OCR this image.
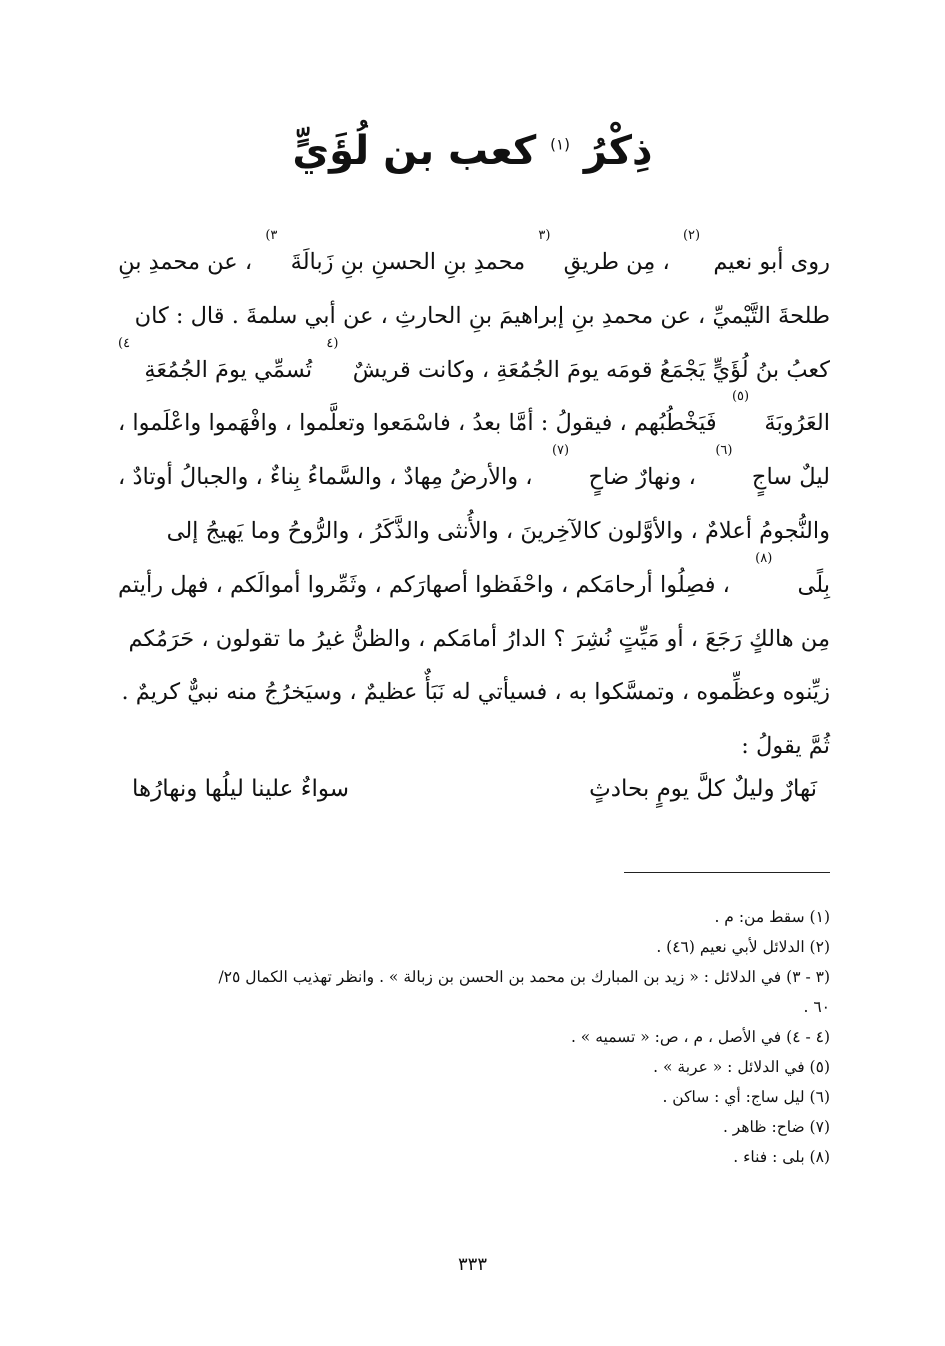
ذِكْرُ $^{(١)}$ كعب بن لُؤَيٍّ
روى أبو نعيم
(٢)
، مِن طريقِ
(٣
محمدِ بنِ الحسنِ بنِ زَبالَةَ
٣)
، عن محمدِ بنِ
طلحةَ التَّيْميِّ ، عن محمدِ بنِ إبراهيمَ بنِ الحارثِ ، عن أبي سلمةَ . قال : كان
كعبُ بنُ لُؤَيٍّ يَجْمَعُ قومَه يومَ الجُمُعَةِ ، وكانت قريشٌ
(٤
تُسمِّي يومَ الجُمُعَةِ
٤)
العَرُوبَةَ
(٥)
فَيَخْطُبُهم ، فيقولُ : أمَّا بعدُ ، فاسْمَعوا وتعلَّموا ، وافْهَموا واعْلَموا ،
ليلٌ ساجٍ
(٦)
، ونهارٌ ضاحٍ
(٧)
، والأرضُ مِهادٌ ، والسَّماءُ بِناءٌ ، والجبالُ أوتادٌ ،
والنُّجومُ أعلامٌ ، والأوَّلون كالآخِرينَ ، والأُنثى والذَّكَرُ ، والرُّوحُ وما يَهيجُ إلى
بِلًى
(٨)
، فصِلُوا أرحامَكم ، واحْفَظوا أصهارَكم ، وثَمِّروا أموالَكم ، فهل رأيتم
مِن هالكٍ رَجَعَ ، أو مَيِّتٍ نُشِرَ ؟ الدارُ أمامَكم ، والظنُّ غيرُ ما تقولون ، حَرَمُكم
زيِّنوه وعظِّموه ، وتمسَّكوا به ، فسيأتي له نَبَأٌ عظيمٌ ، وسيَخرُجُ منه نبيٌّ كريمٌ .
ثُمَّ يقولُ :
نَهارٌ وليلٌ كلَّ يومٍ بحادثٍ
سواءٌ علينا ليلُها ونهارُها
(١) سقط من: م .
(٢) الدلائل لأبي نعيم (٤٦) .
(٣ - ٣) في الدلائل : « زيد بن المبارك بن محمد بن الحسن بن زبالة » . وانظر تهذيب الكمال ٢٥/
٦٠ .
(٤ - ٤) في الأصل ، م ، ص: « تسميه » .
(٥) في الدلائل : « عربة » .
(٦) ليل ساج: أي : ساكن .
(٧) ضاح: ظاهر .
(٨) بلى : فناء .
٣٣٣
